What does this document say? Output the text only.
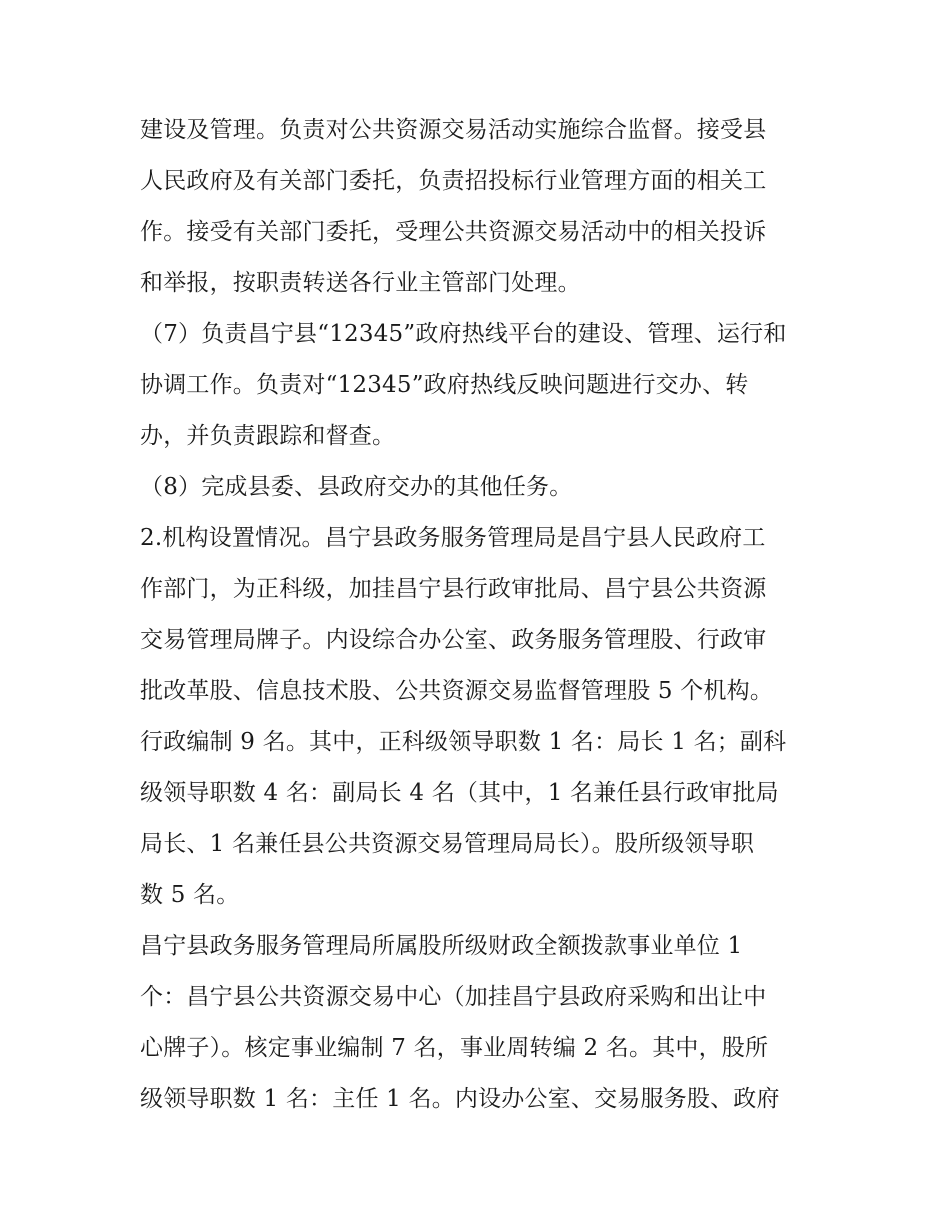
建设及管理。负责对公共资源交易活动实施综合监督。接受县
人民政府及有关部门委托，负责招投标行业管理方面的相关工
作。接受有关部门委托，受理公共资源交易活动中的相关投诉
和举报，按职责转送各行业主管部门处理。
（7）负责昌宁县“12345”政府热线平台的建设、管理、运行和
协调工作。负责对“12345”政府热线反映问题进行交办、转
办，并负责跟踪和督查。
（8）完成县委、县政府交办的其他任务。
2.机构设置情况。昌宁县政务服务管理局是昌宁县人民政府工
作部门，为正科级，加挂昌宁县行政审批局、昌宁县公共资源
交易管理局牌子。内设综合办公室、政务服务管理股、行政审
批改革股、信息技术股、公共资源交易监督管理股 5 个机构。
行政编制 9 名。其中，正科级领导职数 1 名：局长 1 名；副科
级领导职数 4 名：副局长 4 名（其中，1 名兼任县行政审批局
局长、1 名兼任县公共资源交易管理局局长）。股所级领导职
数 5 名。
昌宁县政务服务管理局所属股所级财政全额拨款事业单位 1
个：昌宁县公共资源交易中心（加挂昌宁县政府采购和出让中
心牌子）。核定事业编制 7 名，事业周转编 2 名。其中，股所
级领导职数 1 名：主任 1 名。内设办公室、交易服务股、政府
